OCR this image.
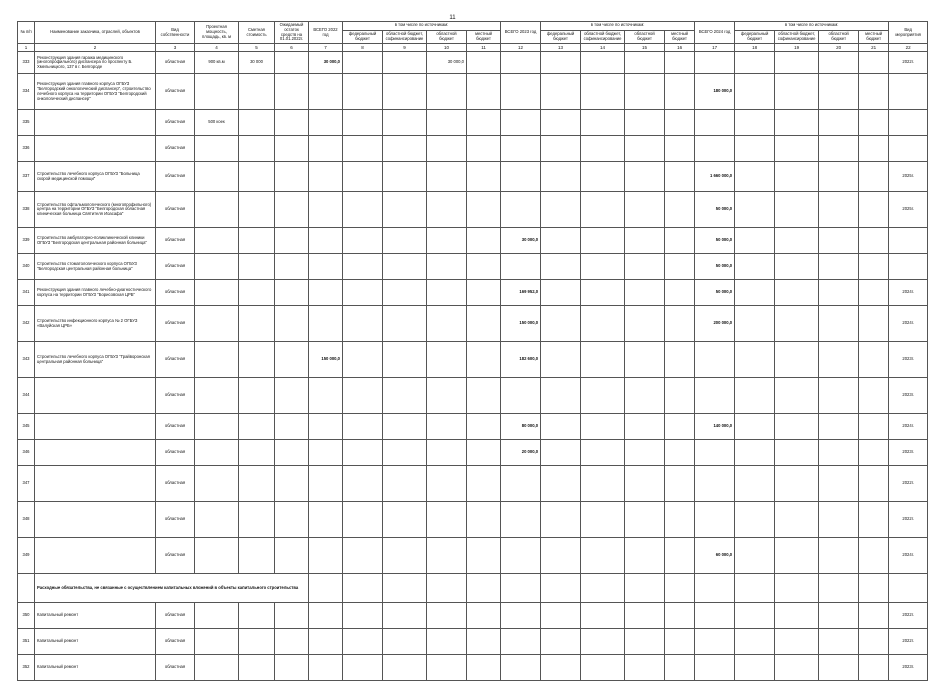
11
№ п/п	Наименование заказчика, отраслей, объектов	Вид собственности	Проектная мощность, площадь, кв. м	Сметная стоимость	Ожидаемый остаток средств на 01.01.2022г.	ВСЕГО 2022 год	в том числе по источникам:				ВСЕГО 2023 год	в том числе по источникам:				ВСЕГО 2024 год	в том числе по источникам:				Вид мероприятия
							федеральный бюджет	областной бюджет, софинансирование	областной бюджет	местный бюджет		федеральный бюджет	областной бюджет, софинансирование	областной бюджет	местный бюджет		федеральный бюджет	областной бюджет, софинансирование	областной бюджет	местный бюджет	
1	2	3	4	5	6	7	8	9	10	11	12	13	14	15	16	17	18	19	20	21	22
333	Реконструкция здания гаража медицинского (многопрофильного) диспансера по проспекту Б. Хмельницкого, 137 в г. Белгороде	областная	900 кв.м	30 000		30 000,0			30 000,0												2022г.
334	Реконструкция здания главного корпуса ОГБУЗ "Белгородский онкологический диспансер", строительство лечебного корпуса на территории ОГБУЗ "Белгородский онкологический диспансер"	областная														180 000,0					
335		областная	500 коек																		
336		областная																			
337	Строительство лечебного корпуса ОГБУЗ "Больница скорой медицинской помощи"	областная														1 660 000,0					2025г.
338	Строительство офтальмологического (многопрофильного) центра на территории ОГБУЗ "Белгородская областная клиническая больница Святителя Иоасафа"	областная														50 000,0					2025г.
339	Строительство амбулаторно-поликлинической клиники ОГБУЗ "Белгородская центральная районная больница"	областная									30 000,0					50 000,0					
340	Строительство стоматологического корпуса ОГБУЗ "Белгородская центральная районная больница"	областная														50 000,0					
341	Реконструкция здания главного лечебно-диагностического корпуса на территории ОГБУЗ "Борисовская ЦРБ"	областная									169 952,0					50 000,0					2024г.
342	Строительство инфекционного корпуса № 2 ОГБУЗ «Валуйская ЦРБ»	областная									150 000,0					200 000,0					2024г.
343	Строительство лечебного корпуса ОГБУЗ "Грайворонская центральная районная больница"	областная				150 000,0					182 600,0										2023г.
344		областная																			2023г.
345		областная									80 000,0					140 000,0					2024г.
346		областная									20 000,0										2023г.
347		областная																			2022г.
348		областная																			2022г.
349		областная														60 000,0					2024г.
	Расходные обязательства, не связанные с осуществлением капитальных вложений в объекты капитального строительства																				
350	Капитальный ремонт	областная																			2022г.
351	Капитальный ремонт	областная																			2022г.
352	Капитальный ремонт	областная																			2023г.
